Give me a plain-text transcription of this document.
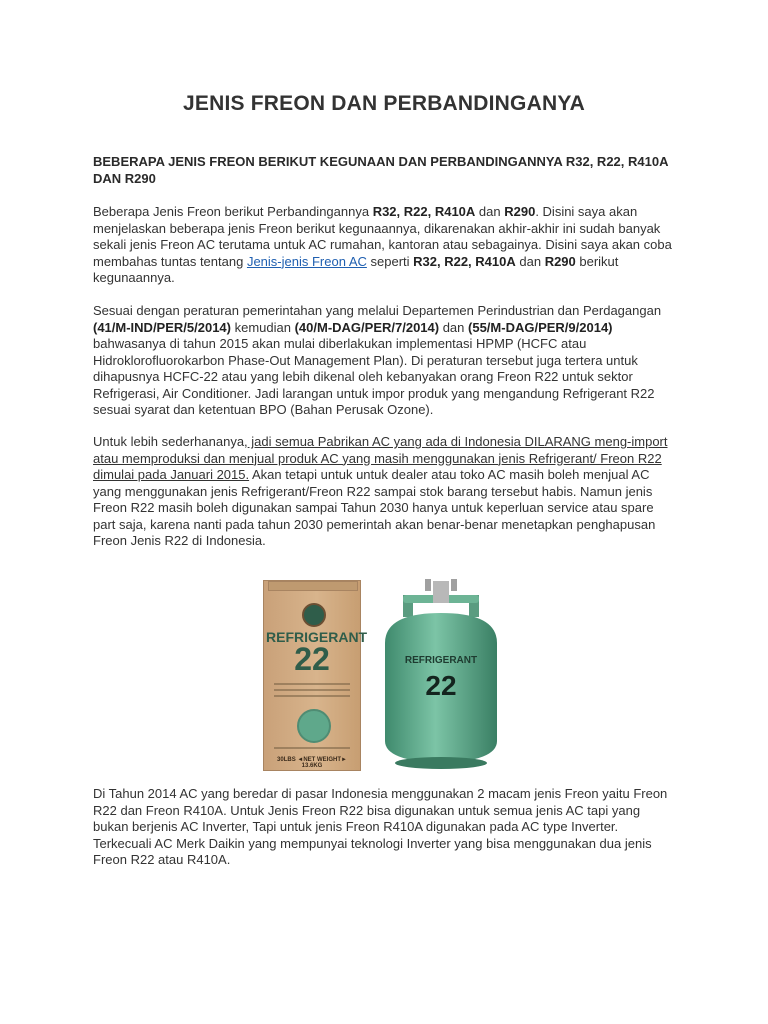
JENIS FREON DAN PERBANDINGANYA

BEBERAPA JENIS FREON BERIKUT KEGUNAAN DAN PERBANDINGANNYA R32, R22, R410A DAN R290

Beberapa Jenis Freon berikut Perbandingannya R32, R22, R410A dan R290. Disini saya akan menjelaskan beberapa jenis Freon berikut kegunaannya, dikarenakan akhir-akhir ini sudah banyak sekali jenis Freon AC terutama untuk AC rumahan, kantoran atau sebagainya. Disini saya akan coba membahas tuntas tentang Jenis-jenis Freon AC seperti R32, R22, R410A dan R290 berikut kegunaannya.

Sesuai dengan peraturan pemerintahan yang melalui Departemen Perindustrian dan Perdagangan (41/M-IND/PER/5/2014) kemudian (40/M-DAG/PER/7/2014) dan (55/M-DAG/PER/9/2014) bahwasanya di tahun 2015 akan mulai diberlakukan implementasi HPMP (HCFC atau Hidroklorofluorokarbon Phase-Out Management Plan). Di peraturan tersebut juga tertera untuk dihapusnya HCFC-22 atau yang lebih dikenal oleh kebanyakan orang Freon R22 untuk sektor Refrigerasi, Air Conditioner. Jadi larangan untuk impor produk yang mengandung Refrigerant R22 sesuai syarat dan ketentuan BPO (Bahan Perusak Ozone).

Untuk lebih sederhananya, jadi semua Pabrikan AC yang ada di Indonesia DILARANG meng-import atau memproduksi dan menjual produk AC yang masih menggunakan jenis Refrigerant/ Freon R22 dimulai pada Januari 2015. Akan tetapi untuk untuk dealer atau toko AC masih boleh menjual AC yang menggunakan jenis Refrigerant/Freon R22 sampai stok barang tersebut habis. Namun jenis Freon R22 masih boleh digunakan sampai Tahun 2030 hanya untuk keperluan service atau spare part saja, karena nanti pada tahun 2030 pemerintah akan benar-benar menetapkan penghapusan Freon Jenis R22 di Indonesia.

REFRIGERANT
22
30LBS ◄NET WEIGHT► 13.6KG
REFRIGERANT
22

Di Tahun 2014 AC yang beredar di pasar Indonesia menggunakan 2 macam jenis Freon yaitu Freon R22 dan Freon R410A. Untuk Jenis Freon R22 bisa digunakan untuk semua jenis AC tapi yang bukan berjenis AC Inverter, Tapi untuk jenis Freon R410A digunakan pada AC type Inverter. Terkecuali AC Merk Daikin yang mempunyai teknologi Inverter yang bisa menggunakan dua jenis Freon R22 atau R410A.
